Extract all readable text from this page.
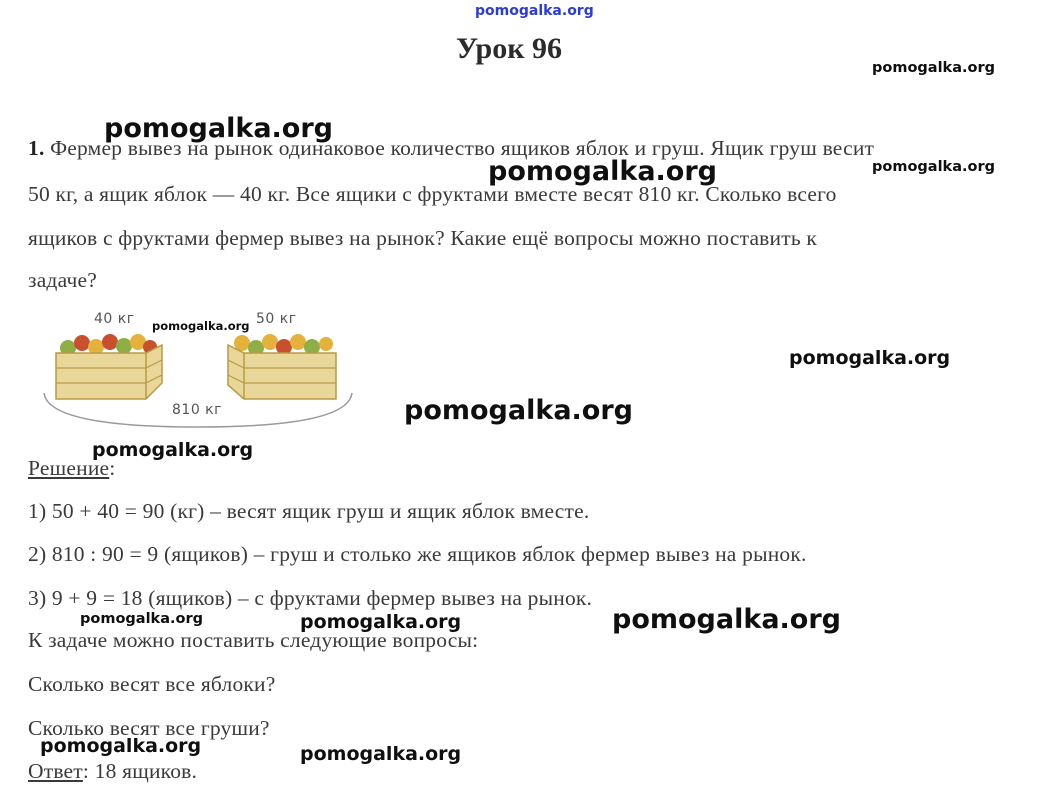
pomogalka.org
Урок 96
1. Фермер вывез на рынок одинаковое количество ящиков яблок и груш. Ящик груш весит
50 кг, а ящик яблок — 40 кг. Все ящики с фруктами вместе весят 810 кг. Сколько всего
ящиков с фруктами фермер вывез на рынок? Какие ещё вопросы можно поставить к
задаче?
40 кг	50 кг
810 кг
Решение:
1) 50 + 40 = 90 (кг) – весят ящик груш и ящик яблок вместе.
2) 810 : 90 = 9 (ящиков) – груш и столько же ящиков яблок фермер вывез на рынок.
3) 9 + 9 = 18 (ящиков) – с фруктами фермер вывез на рынок.
К задаче можно поставить следующие вопросы:
Сколько весят все яблоки?
Сколько весят все груши?
Ответ: 18 ящиков.
pomogalka.org
pomogalka.org
pomogalka.org	pomogalka.org
pomogalka.org
pomogalka.org
pomogalka.org
pomogalka.org
pomogalka.org
pomogalka.org	pomogalka.org
pomogalka.org	pomogalka.org
